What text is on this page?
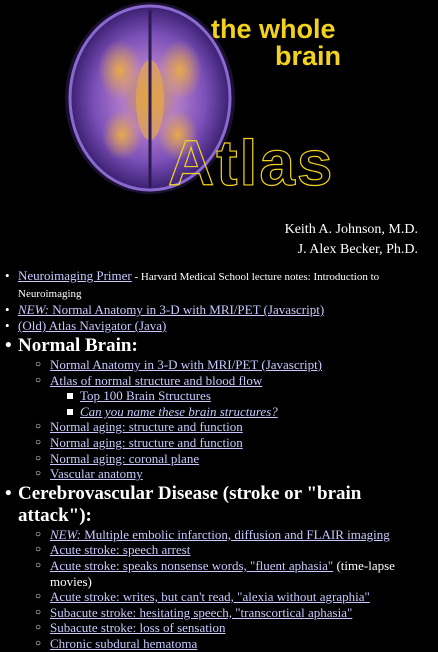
the whole
brain
Atlas
Keith A. Johnson, M.D.
J. Alex Becker, Ph.D.
• Neuroimaging Primer - Harvard Medical School lecture notes: Introduction to Neuroimaging
• NEW: Normal Anatomy in 3-D with MRI/PET (Javascript)
• (Old) Atlas Navigator (Java)
• Normal Brain:
○ Normal Anatomy in 3-D with MRI/PET (Javascript)
○ Atlas of normal structure and blood flow
Top 100 Brain Structures
Can you name these brain structures?
○ Normal aging: structure and function
○ Normal aging: structure and function
○ Normal aging: coronal plane
○ Vascular anatomy
• Cerebrovascular Disease (stroke or "brain attack"):
○ NEW: Multiple embolic infarction, diffusion and FLAIR imaging
○ Acute stroke: speech arrest
○ Acute stroke: speaks nonsense words, "fluent aphasia" (time-lapse movies)
○ Acute stroke: writes, but can't read, "alexia without agraphia"
○ Subacute stroke: hesitating speech, "transcortical aphasia"
○ Subacute stroke: loss of sensation
○ Chronic subdural hematoma
